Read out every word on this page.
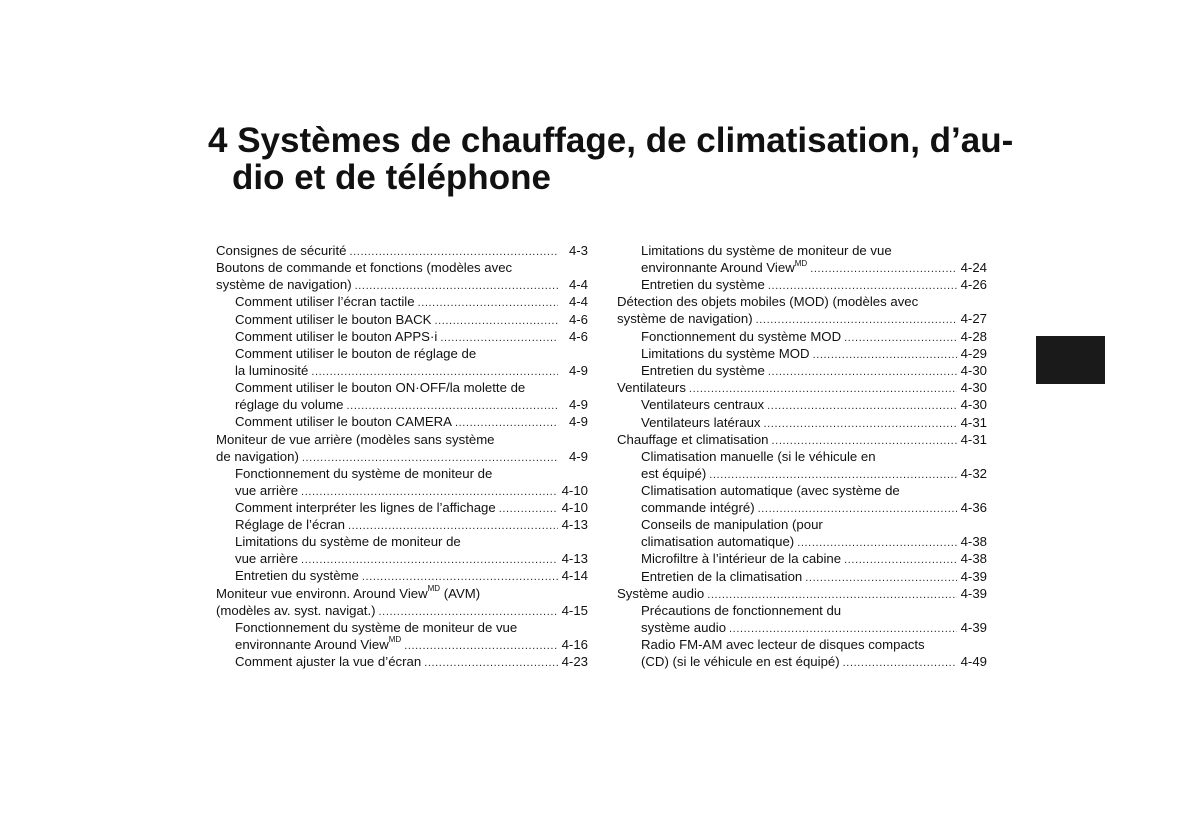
4 Systèmes de chauffage, de climatisation, d’au-
dio et de téléphone
Consignes de sécurité .....	4-3
Boutons de commande et fonctions (modèles avec
système de navigation) .....	4-4
Comment utiliser l’écran tactile .....	4-4
Comment utiliser le bouton BACK .....	4-6
Comment utiliser le bouton APPS·i .....	4-6
Comment utiliser le bouton de réglage de
la luminosité .....	4-9
Comment utiliser le bouton ON·OFF/la molette de
réglage du volume .....	4-9
Comment utiliser le bouton CAMERA .....	4-9
Moniteur de vue arrière (modèles sans système
de navigation) .....	4-9
Fonctionnement du système de moniteur de
vue arrière .....	4-10
Comment interpréter les lignes de l’affichage .....	4-10
Réglage de l’écran .....	4-13
Limitations du système de moniteur de
vue arrière .....	4-13
Entretien du système .....	4-14
Moniteur vue environn. Around View$^{MD}$ (AVM)
(modèles av. syst. navigat.) .....	4-15
Fonctionnement du système de moniteur de vue
environnante Around View$^{MD}$ .....	4-16
Comment ajuster la vue d’écran .....	4-23
Limitations du système de moniteur de vue
environnante Around View$^{MD}$ .....	4-24
Entretien du système .....	4-26
Détection des objets mobiles (MOD) (modèles avec
système de navigation) .....	4-27
Fonctionnement du système MOD .....	4-28
Limitations du système MOD .....	4-29
Entretien du système .....	4-30
Ventilateurs .....	4-30
Ventilateurs centraux .....	4-30
Ventilateurs latéraux .....	4-31
Chauffage et climatisation .....	4-31
Climatisation manuelle (si le véhicule en
est équipé) .....	4-32
Climatisation automatique (avec système de
commande intégré) .....	4-36
Conseils de manipulation (pour
climatisation automatique) .....	4-38
Microfiltre à l’intérieur de la cabine .....	4-38
Entretien de la climatisation .....	4-39
Système audio .....	4-39
Précautions de fonctionnement du
système audio .....	4-39
Radio FM-AM avec lecteur de disques compacts
(CD) (si le véhicule en est équipé) .....	4-49
